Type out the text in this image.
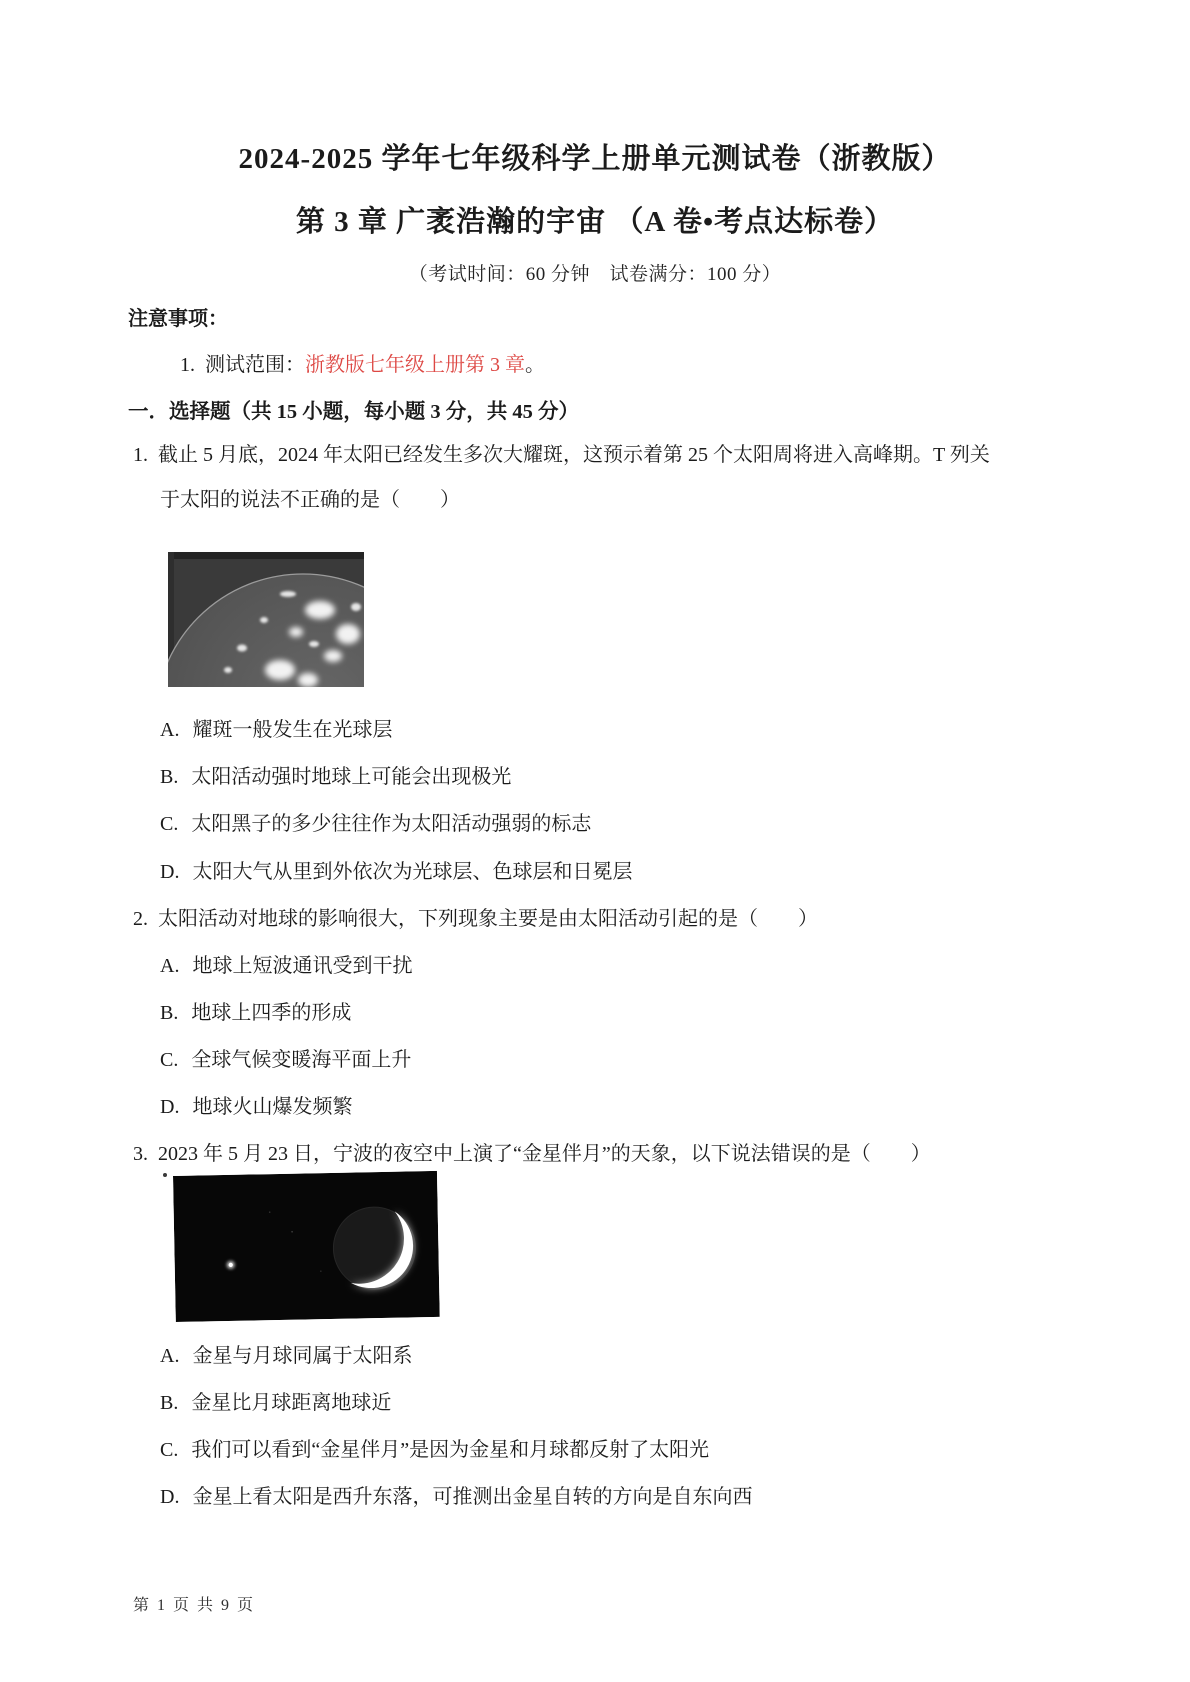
2024-2025 学年七年级科学上册单元测试卷（浙教版）
第 3 章 广袤浩瀚的宇宙 （A 卷•考点达标卷）
（考试时间：60 分钟　试卷满分：100 分）
注意事项：
1. 测试范围：浙教版七年级上册第 3 章。
一．选择题（共 15 小题，每小题 3 分，共 45 分）
1. 截止 5 月底，2024 年太阳已经发生多次大耀斑，这预示着第 25 个太阳周将进入高峰期。T 列关
于太阳的说法不正确的是（　　）
A. 耀斑一般发生在光球层
B. 太阳活动强时地球上可能会出现极光
C. 太阳黑子的多少往往作为太阳活动强弱的标志
D. 太阳大气从里到外依次为光球层、色球层和日冕层
2. 太阳活动对地球的影响很大，下列现象主要是由太阳活动引起的是（　　）
A. 地球上短波通讯受到干扰
B. 地球上四季的形成
C. 全球气候变暖海平面上升
D. 地球火山爆发频繁
3. 2023 年 5 月 23 日，宁波的夜空中上演了“金星伴月”的天象，以下说法错误的是（　　）
A. 金星与月球同属于太阳系
B. 金星比月球距离地球近
C. 我们可以看到“金星伴月”是因为金星和月球都反射了太阳光
D. 金星上看太阳是西升东落，可推测出金星自转的方向是自东向西
第 1 页 共 9 页
